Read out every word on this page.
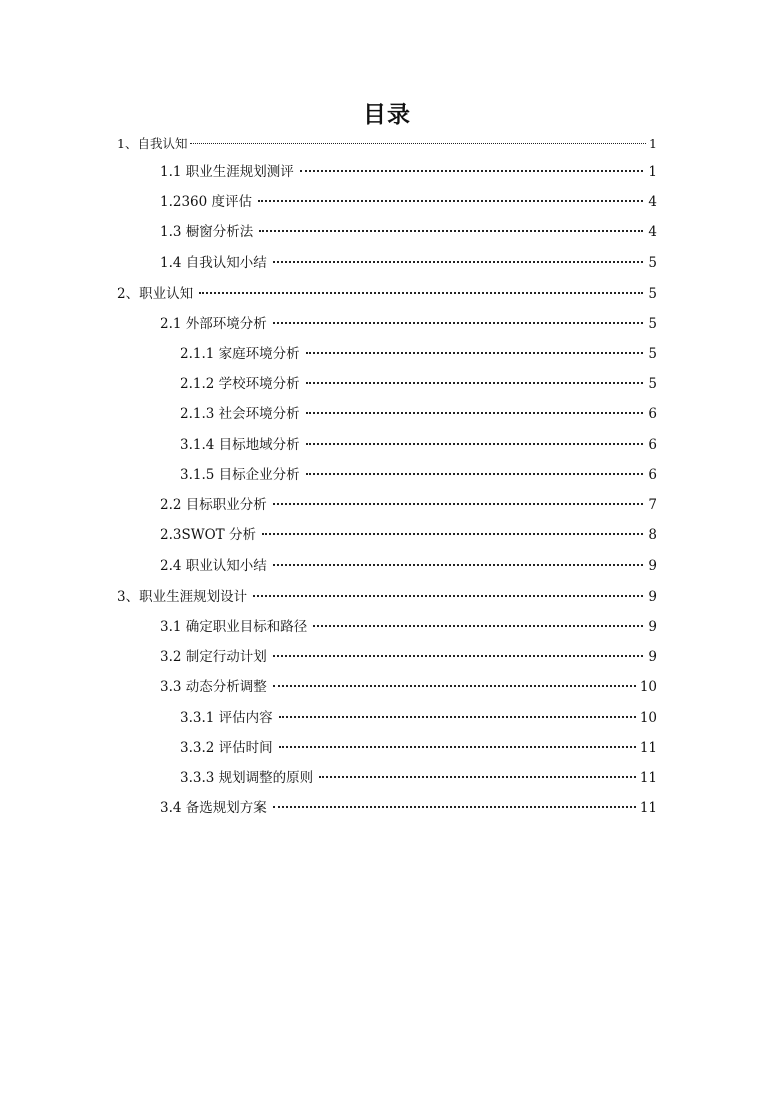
目录
1、自我认知	1
1.1 职业生涯规划测评	1
1.2360 度评估	4
1.3 橱窗分析法	4
1.4 自我认知小结	5
2、职业认知	5
2.1 外部环境分析	5
2.1.1 家庭环境分析	5
2.1.2 学校环境分析	5
2.1.3 社会环境分析	6
3.1.4 目标地域分析	6
3.1.5 目标企业分析	6
2.2 目标职业分析	7
2.3SWOT 分析	8
2.4 职业认知小结	9
3、职业生涯规划设计	9
3.1 确定职业目标和路径	9
3.2 制定行动计划	9
3.3 动态分析调整	10
3.3.1 评估内容	10
3.3.2 评估时间	11
3.3.3 规划调整的原则	11
3.4 备选规划方案	11
